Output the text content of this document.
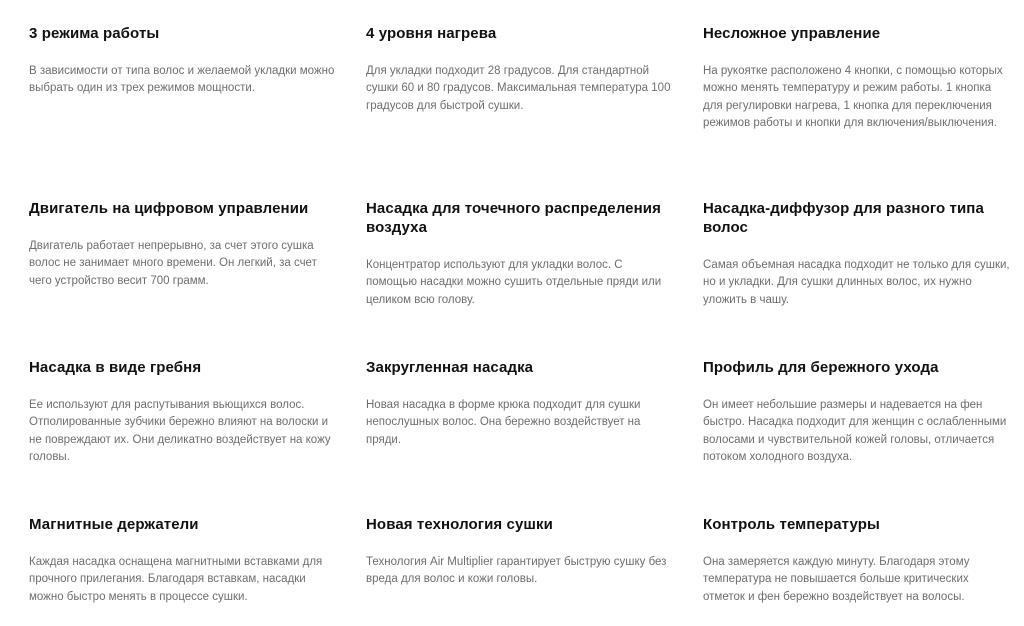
3 режима работы

В зависимости от типа волос и желаемой укладки можно выбрать один из трех режимов мощности.

4 уровня нагрева

Для укладки подходит 28 градусов. Для стандартной сушки 60 и 80 градусов. Максимальная температура 100 градусов для быстрой сушки.

Несложное управление

На рукоятке расположено 4 кнопки, с помощью которых можно менять температуру и режим работы. 1 кнопка для регулировки нагрева, 1 кнопка для переключения режимов работы и кнопки для включения/выключения.

Двигатель на цифровом управлении

Двигатель работает непрерывно, за счет этого сушка волос не занимает много времени. Он легкий, за счет чего устройство весит 700 грамм.

Насадка для точечного распределения воздуха

Концентратор используют для укладки волос. С помощью насадки можно сушить отдельные пряди или целиком всю голову.

Насадка-диффузор для разного типа волос

Самая объемная насадка подходит не только для сушки, но и укладки. Для сушки длинных волос, их нужно уложить в чашу.

Насадка в виде гребня

Ее используют для распутывания вьющихся волос. Отполированные зубчики бережно влияют на волоски и не повреждают их. Они деликатно воздействует на кожу головы.

Закругленная насадка

Новая насадка в форме крюка подходит для сушки непослушных волос. Она бережно воздействует на пряди.

Профиль для бережного ухода

Он имеет небольшие размеры и надевается на фен быстро. Насадка подходит для женщин с ослабленными волосами и чувствительной кожей головы, отличается потоком холодного воздуха.

Магнитные держатели

Каждая насадка оснащена магнитными вставками для прочного прилегания. Благодаря вставкам, насадки можно быстро менять в процессе сушки.

Новая технология сушки

Технология Air Multiplier гарантирует быструю сушку без вреда для волос и кожи головы.

Контроль температуры

Она замеряется каждую минуту. Благодаря этому температура не повышается больше критических отметок и фен бережно воздействует на волосы.
